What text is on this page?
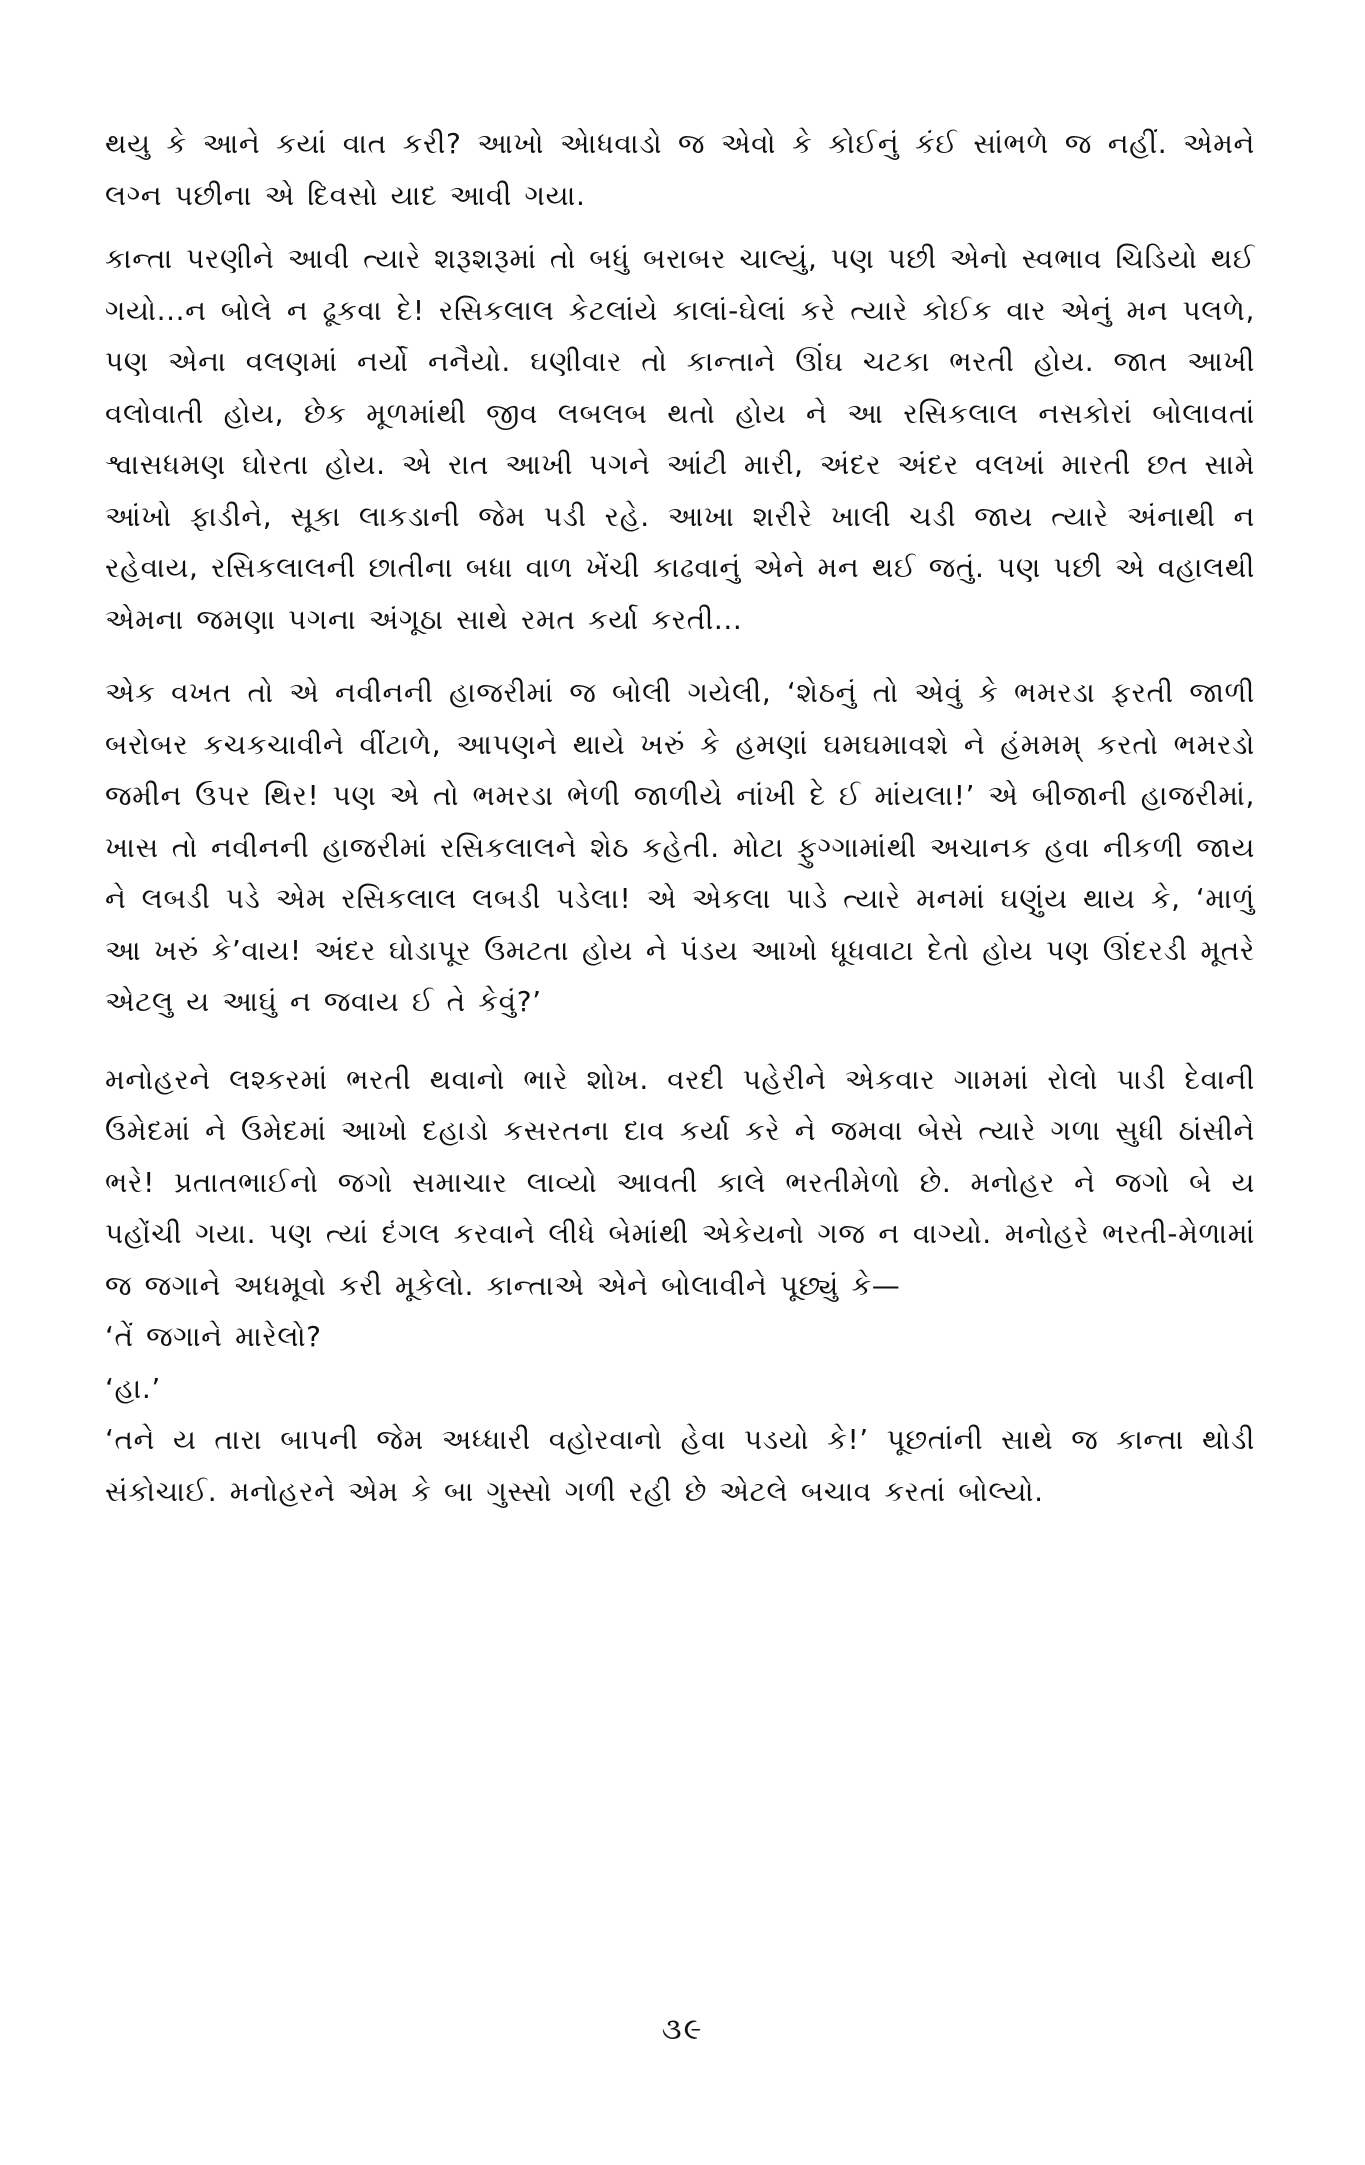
થયુ કે આને કયાં વાત કરી? આખો એાધવાડો જ એવો કે કોઈનું કંઈ સાંભળે જ નહીં. એમને લગ્ન પછીના એ દિવસો યાદ આવી ગયા.

કાન્તા પરણીને આવી ત્યારે શરૂશરૂમાં તો બધું બરાબર ચાલ્યું, પણ પછી એનો સ્વભાવ ચિડિયો થઈ ગયો...ન બોલે ન ઢૂકવા દે! રસિકલાલ કેટલાંયે કાલાં-ઘેલાં કરે ત્યારે કોઈક વાર એનું મન પલળે, પણ એના વલણમાં નર્યો નનૈયો. ઘણીવાર તો કાન્તાને ઊંઘ ચટકા ભરતી હોય. જાત આખી વલોવાતી હોય, છેક મૂળમાંથી જીવ લબલબ થતો હોય ને આ રસિકલાલ નસકોરાં બોલાવતાં શ્વાસધમણ ઘોરતા હોય. એ રાત આખી પગને આંટી મારી, અંદર અંદર વલખાં મારતી છત સામે આંખો ફાડીને, સૂકા લાકડાની જેમ પડી રહે. આખા શરીરે ખાલી ચડી જાય ત્યારે અંનાથી ન રહેવાય, રસિકલાલની છાતીના બધા વાળ ખેંચી કાઢવાનું એને મન થઈ જતું. પણ પછી એ વહાલથી એમના જમણા પગના અંગૂઠા સાથે રમત કર્યા કરતી...

એક વખત તો એ નવીનની હાજરીમાં જ બોલી ગયેલી, ‘શેઠનું તો એવું કે ભમરડા ફરતી જાળી બરોબર કચકચાવીને વીંટાળે, આપણને થાયે ખરું કે હમણાં ઘમઘમાવશે ને હંમમમ્ કરતો ભમરડો જમીન ઉપર થિર! પણ એ તો ભમરડા ભેળી જાળીયે નાંખી દે ઈ માંયલા!’ એ બીજાની હાજરીમાં, ખાસ તો નવીનની હાજરીમાં રસિકલાલને શેઠ કહેતી. મોટા ફુગ્ગામાંથી અચાનક હવા નીકળી જાય ને લબડી પડે એમ રસિકલાલ લબડી પડેલા! એ એકલા પાડે ત્યારે મનમાં ઘણુંય થાય કે, ‘માળું આ ખરું કે’વાય! અંદર ઘોડાપૂર ઉમટતા હોય ને પંડય આખો ધૂધવાટા દેતો હોય પણ ઊંદરડી મૂતરે એટલુ ય આઘું ન જવાય ઈ તે કેવું?’

મનોહરને લશ્કરમાં ભરતી થવાનો ભારે શોખ. વરદી પહેરીને એકવાર ગામમાં રોલો પાડી દેવાની ઉમેદમાં ને ઉમેદમાં આખો દહાડો કસરતના દાવ કર્યા કરે ને જમવા બેસે ત્યારે ગળા સુધી ઠાંસીને ભરે! પ્રતાતભાઈનો જગો સમાચાર લાવ્યો આવતી કાલે ભરતીમેળો છે. મનોહર ને જગો બે ય પહોંચી ગયા. પણ ત્યાં દંગલ કરવાને લીધે બેમાંથી એકેયનો ગજ ન વાગ્યો. મનોહરે ભરતી-મેળામાં જ જગાને અધમૂવો કરી મૂકેલો. કાન્તાએ એને બોલાવીને પૂછ્યું કે—

‘તેં જગાને મારેલો?

‘હા.’

‘તને ય તારા બાપની જેમ અધ્ધારી વહોરવાનો હેવા પડયો કે!’ પૂછતાંની સાથે જ કાન્તા થોડી સંકોચાઈ. મનોહરને એમ કે બા ગુસ્સો ગળી રહી છે એટલે બચાવ કરતાં બોલ્યો.

૩૯
